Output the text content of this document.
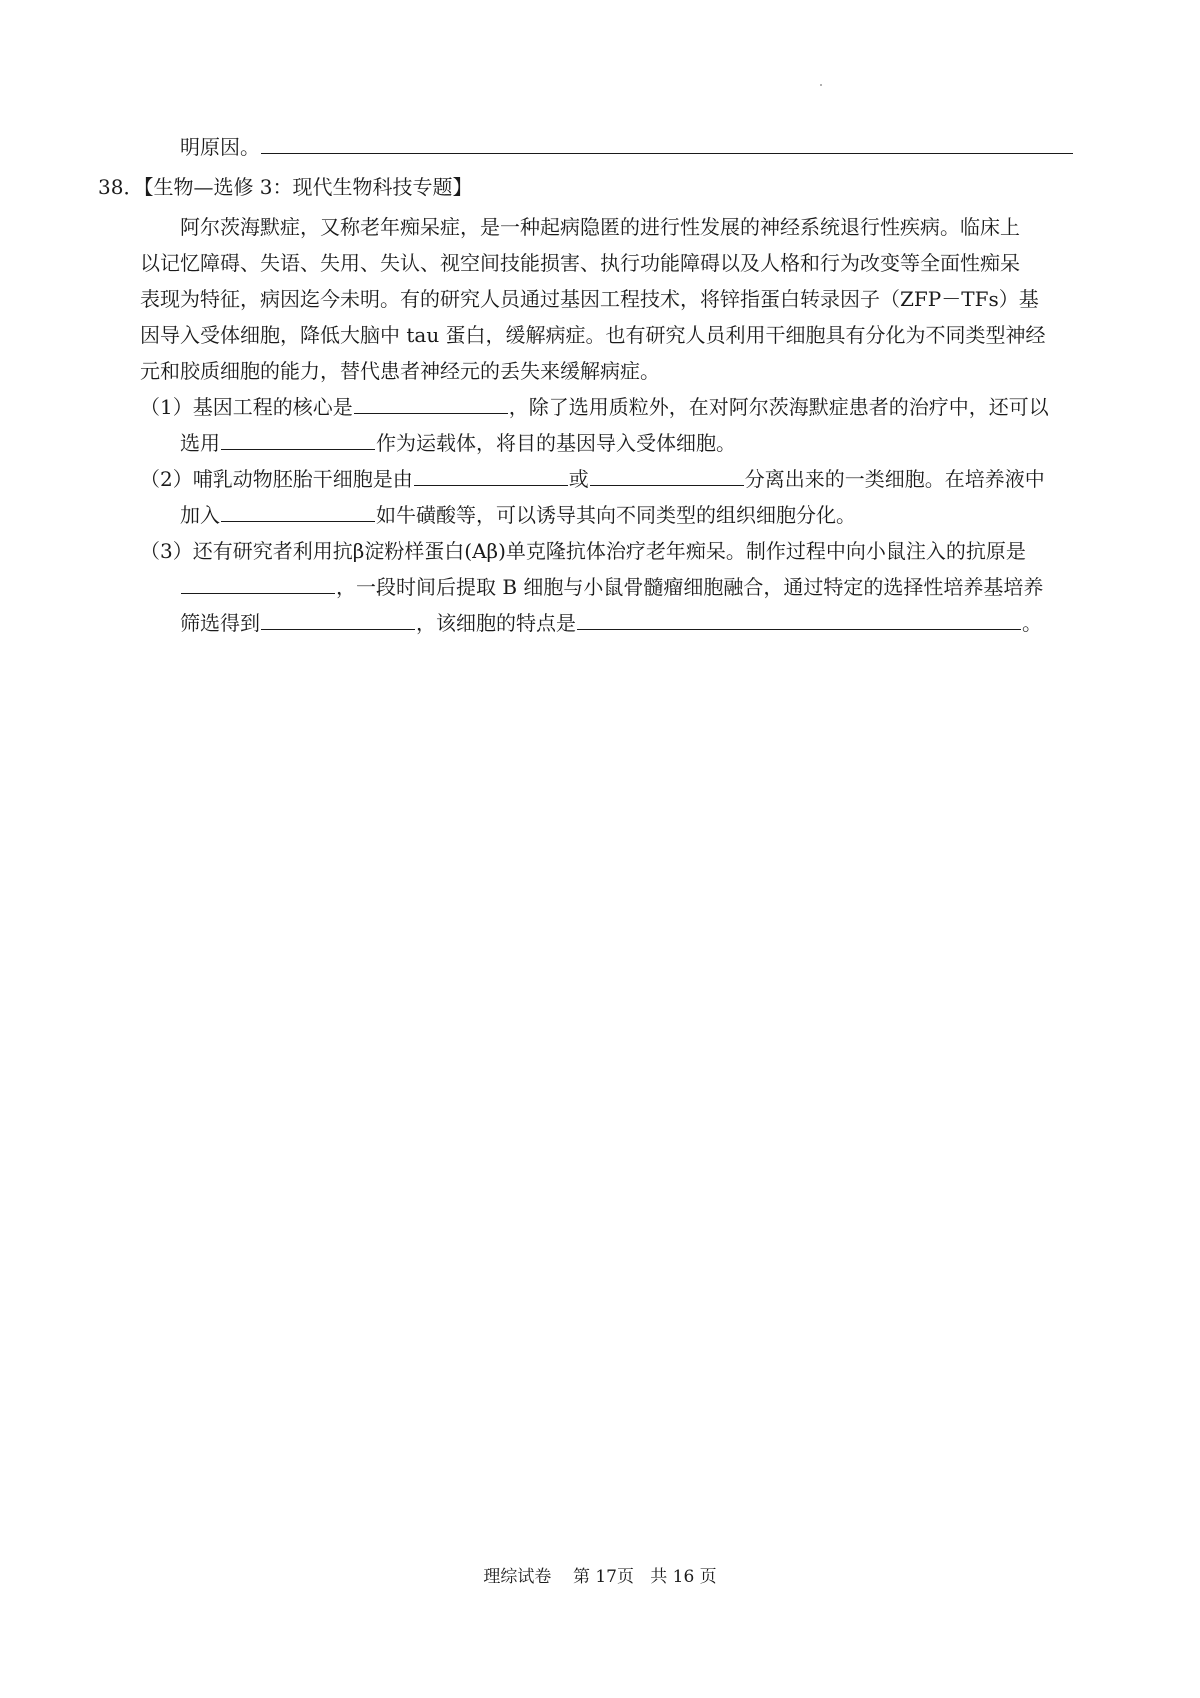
明原因。
38．【生物—选修 3：现代生物科技专题】
阿尔茨海默症，又称老年痴呆症，是一种起病隐匿的进行性发展的神经系统退行性疾病。临床上
以记忆障碍、失语、失用、失认、视空间技能损害、执行功能障碍以及人格和行为改变等全面性痴呆
表现为特征，病因迄今未明。有的研究人员通过基因工程技术，将锌指蛋白转录因子（ZFP－TFs）基
因导入受体细胞，降低大脑中 tau 蛋白，缓解病症。也有研究人员利用干细胞具有分化为不同类型神经
元和胶质细胞的能力，替代患者神经元的丢失来缓解病症。
（1）基因工程的核心是	，除了选用质粒外，在对阿尔茨海默症患者的治疗中，还可以
选用	作为运载体，将目的基因导入受体细胞。
（2）哺乳动物胚胎干细胞是由	或	分离出来的一类细胞。在培养液中
加入	如牛磺酸等，可以诱导其向不同类型的组织细胞分化。
（3）还有研究者利用抗β淀粉样蛋白(Aβ)单克隆抗体治疗老年痴呆。制作过程中向小鼠注入的抗原是
，一段时间后提取 B 细胞与小鼠骨髓瘤细胞融合，通过特定的选择性培养基培养
筛选得到	，该细胞的特点是	。
理综试卷 第 17页 共 16 页
